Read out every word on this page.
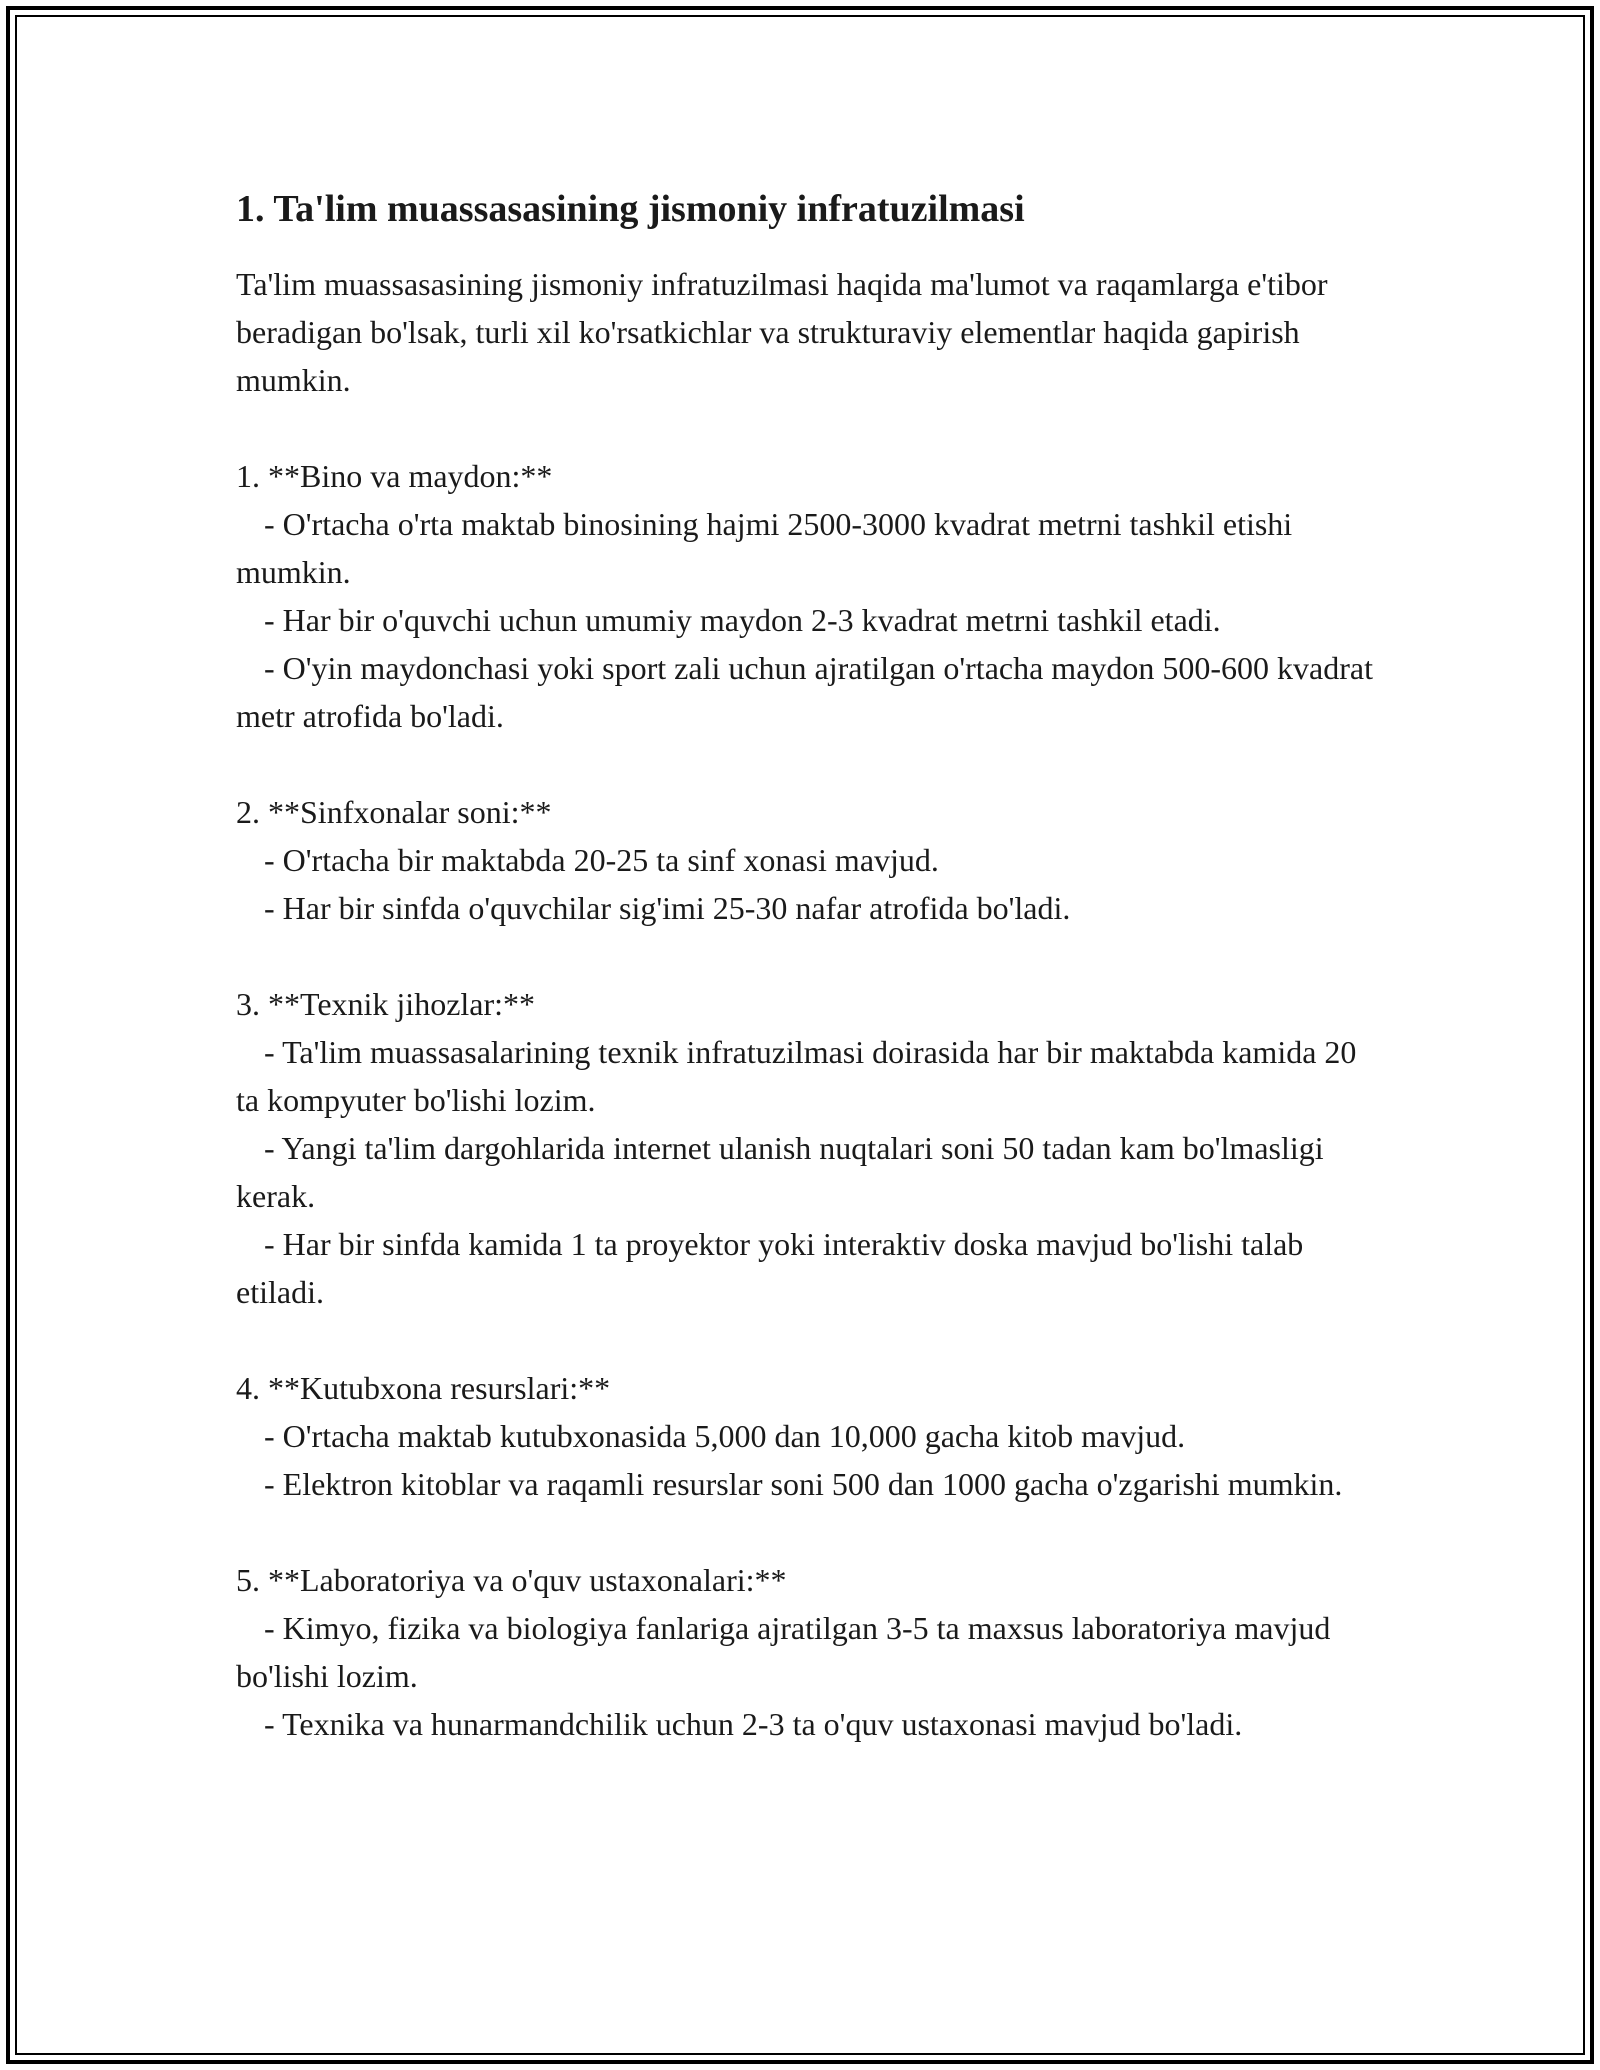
1. Ta'lim muassasasining jismoniy infratuzilmasi

Ta'lim muassasasining jismoniy infratuzilmasi haqida ma'lumot va raqamlarga e'tibor beradigan bo'lsak, turli xil ko'rsatkichlar va strukturaviy elementlar haqida gapirish mumkin.

1. **Bino va maydon:**

- O'rtacha o'rta maktab binosining hajmi 2500-3000 kvadrat metrni tashkil etishi mumkin.

- Har bir o'quvchi uchun umumiy maydon 2-3 kvadrat metrni tashkil etadi.

- O'yin maydonchasi yoki sport zali uchun ajratilgan o'rtacha maydon 500-600 kvadrat metr atrofida bo'ladi.

2. **Sinfxonalar soni:**

- O'rtacha bir maktabda 20-25 ta sinf xonasi mavjud.

- Har bir sinfda o'quvchilar sig'imi 25-30 nafar atrofida bo'ladi.

3. **Texnik jihozlar:**

- Ta'lim muassasalarining texnik infratuzilmasi doirasida har bir maktabda kamida 20 ta kompyuter bo'lishi lozim.

- Yangi ta'lim dargohlarida internet ulanish nuqtalari soni 50 tadan kam bo'lmasligi kerak.

- Har bir sinfda kamida 1 ta proyektor yoki interaktiv doska mavjud bo'lishi talab etiladi.

4. **Kutubxona resurslari:**

- O'rtacha maktab kutubxonasida 5,000 dan 10,000 gacha kitob mavjud.

- Elektron kitoblar va raqamli resurslar soni 500 dan 1000 gacha o'zgarishi mumkin.

5. **Laboratoriya va o'quv ustaxonalari:**

- Kimyo, fizika va biologiya fanlariga ajratilgan 3-5 ta maxsus laboratoriya mavjud bo'lishi lozim.

- Texnika va hunarmandchilik uchun 2-3 ta o'quv ustaxonasi mavjud bo'ladi.
